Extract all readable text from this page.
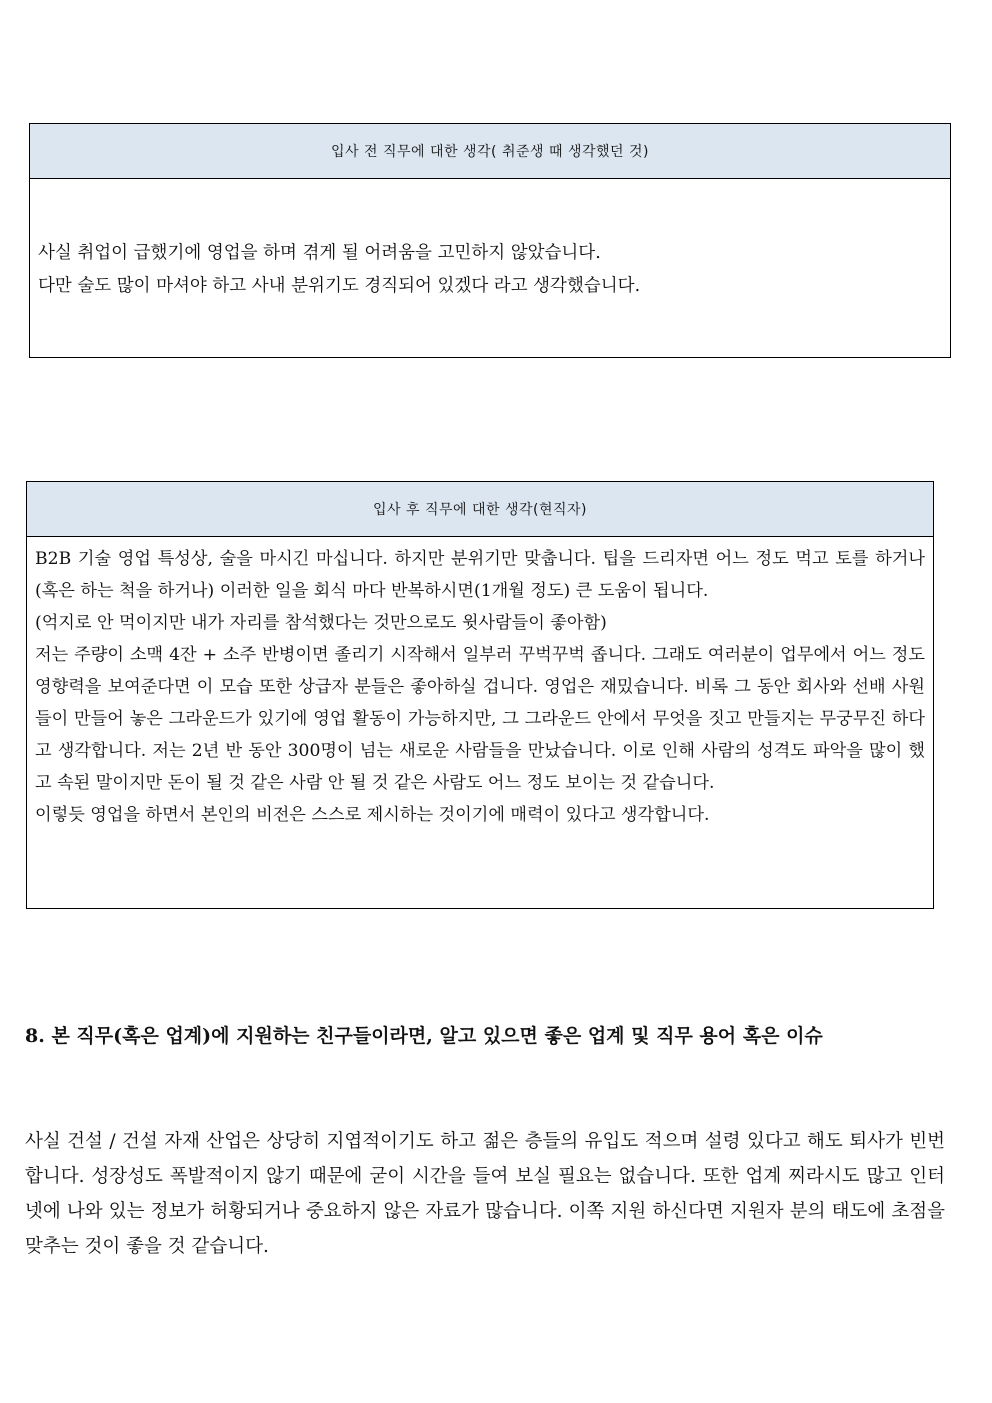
입사 전 직무에 대한 생각( 취준생 때 생각했던 것)
사실 취업이 급했기에 영업을 하며 겪게 될 어려움을 고민하지 않았습니다.
다만 술도 많이 마셔야 하고 사내 분위기도 경직되어 있겠다 라고 생각했습니다.
입사 후 직무에 대한 생각(현직자)

B2B 기술 영업 특성상, 술을 마시긴 마십니다. 하지만 분위기만 맞춥니다. 팁을 드리자면 어느 정도 먹고 토를 하거나 (혹은 하는 척을 하거나) 이러한 일을 회식 마다 반복하시면(1개월 정도) 큰 도움이 됩니다.

(억지로 안 먹이지만 내가 자리를 참석했다는 것만으로도 윗사람들이 좋아함)

저는 주량이 소맥 4잔 + 소주 반병이면 졸리기 시작해서 일부러 꾸벅꾸벅 좁니다. 그래도 여러분이 업무에서 어느 정도 영향력을 보여준다면 이 모습 또한 상급자 분들은 좋아하실 겁니다. 영업은 재밌습니다. 비록 그 동안 회사와 선배 사원들이 만들어 놓은 그라운드가 있기에 영업 활동이 가능하지만, 그 그라운드 안에서 무엇을 짓고 만들지는 무궁무진 하다고 생각합니다. 저는 2년 반 동안 300명이 넘는 새로운 사람들을 만났습니다. 이로 인해 사람의 성격도 파악을 많이 했고 속된 말이지만 돈이 될 것 같은 사람 안 될 것 같은 사람도 어느 정도 보이는 것 같습니다.

이렇듯 영업을 하면서 본인의 비전은 스스로 제시하는 것이기에 매력이 있다고 생각합니다.

8. 본 직무(혹은 업계)에 지원하는 친구들이라면, 알고 있으면 좋은 업계 및 직무 용어 혹은 이슈

사실 건설 / 건설 자재 산업은 상당히 지엽적이기도 하고 젊은 층들의 유입도 적으며 설령 있다고 해도 퇴사가 빈번합니다. 성장성도 폭발적이지 않기 때문에 굳이 시간을 들여 보실 필요는 없습니다. 또한 업계 찌라시도 많고 인터넷에 나와 있는 정보가 허황되거나 중요하지 않은 자료가 많습니다. 이쪽 지원 하신다면 지원자 분의 태도에 초점을 맞추는 것이 좋을 것 같습니다.
